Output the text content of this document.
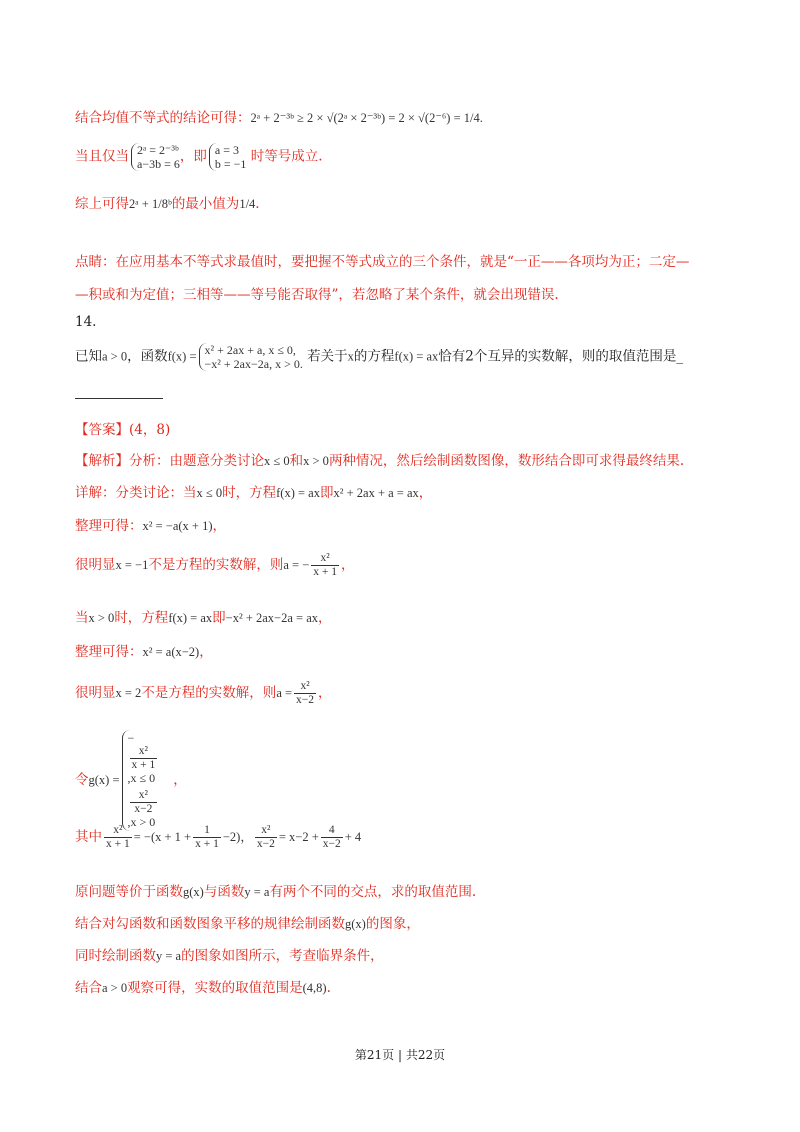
结合均值不等式的结论可得：2ᵃ + 2⁻³ᵇ ≥ 2 × √(2ᵃ × 2⁻³ᵇ) = 2 × √(2⁻⁶) = 1/4.
当且仅当 2ᵃ = 2⁻³ᵇ
a−3b = 6 ，即 a = 3
b = −1 时等号成立.
综上可得2ᵃ + 1/8ᵇ的最小值为1/4.
点睛：在应用基本不等式求最值时，要把握不等式成立的三个条件，就是“一正——各项均为正；二定—
—积或和为定值；三相等——等号能否取得”，若忽略了某个条件，就会出现错误.
14.
已知a > 0，函数f(x) = x² + 2ax + a, x ≤ 0,
−x² + 2ax−2a, x > 0. 若关于x的方程f(x) = ax恰有2个互异的实数解，则的取值范围是_
【答案】(4，8)
【解析】分析：由题意分类讨论x ≤ 0和x > 0两种情况，然后绘制函数图像，数形结合即可求得最终结果.
详解：分类讨论：当x ≤ 0时，方程f(x) = ax即x² + 2ax + a = ax，
整理可得：x² = −a(x + 1)，
很明显x = −1不是方程的实数解，则a = − $\frac{\text{x²}}{x + 1}$ ，
当x > 0时，方程f(x) = ax即−x² + 2ax−2a = ax，
整理可得：x² = a(x−2)，
很明显x = 2不是方程的实数解，则$a = \frac{\text{x²}}{x-2}$ ，
令g(x) =
−
x²
x + 1
,x ≤ 0
x²
x−2
,x > 0
，
其中 $\frac{\text{x²}}{x + 1} = -(x + 1 + \frac{1}{x + 1} -2)$， $\frac{\text{x²}}{x-2} = x-2 + \frac{4}{x-2} + 4$
原问题等价于函数g(x)与函数y = a有两个不同的交点，求的取值范围.
结合对勾函数和函数图象平移的规律绘制函数g(x)的图象，
同时绘制函数y = a的图象如图所示，考查临界条件，
结合a > 0观察可得，实数的取值范围是(4,8).
第21页 | 共22页
